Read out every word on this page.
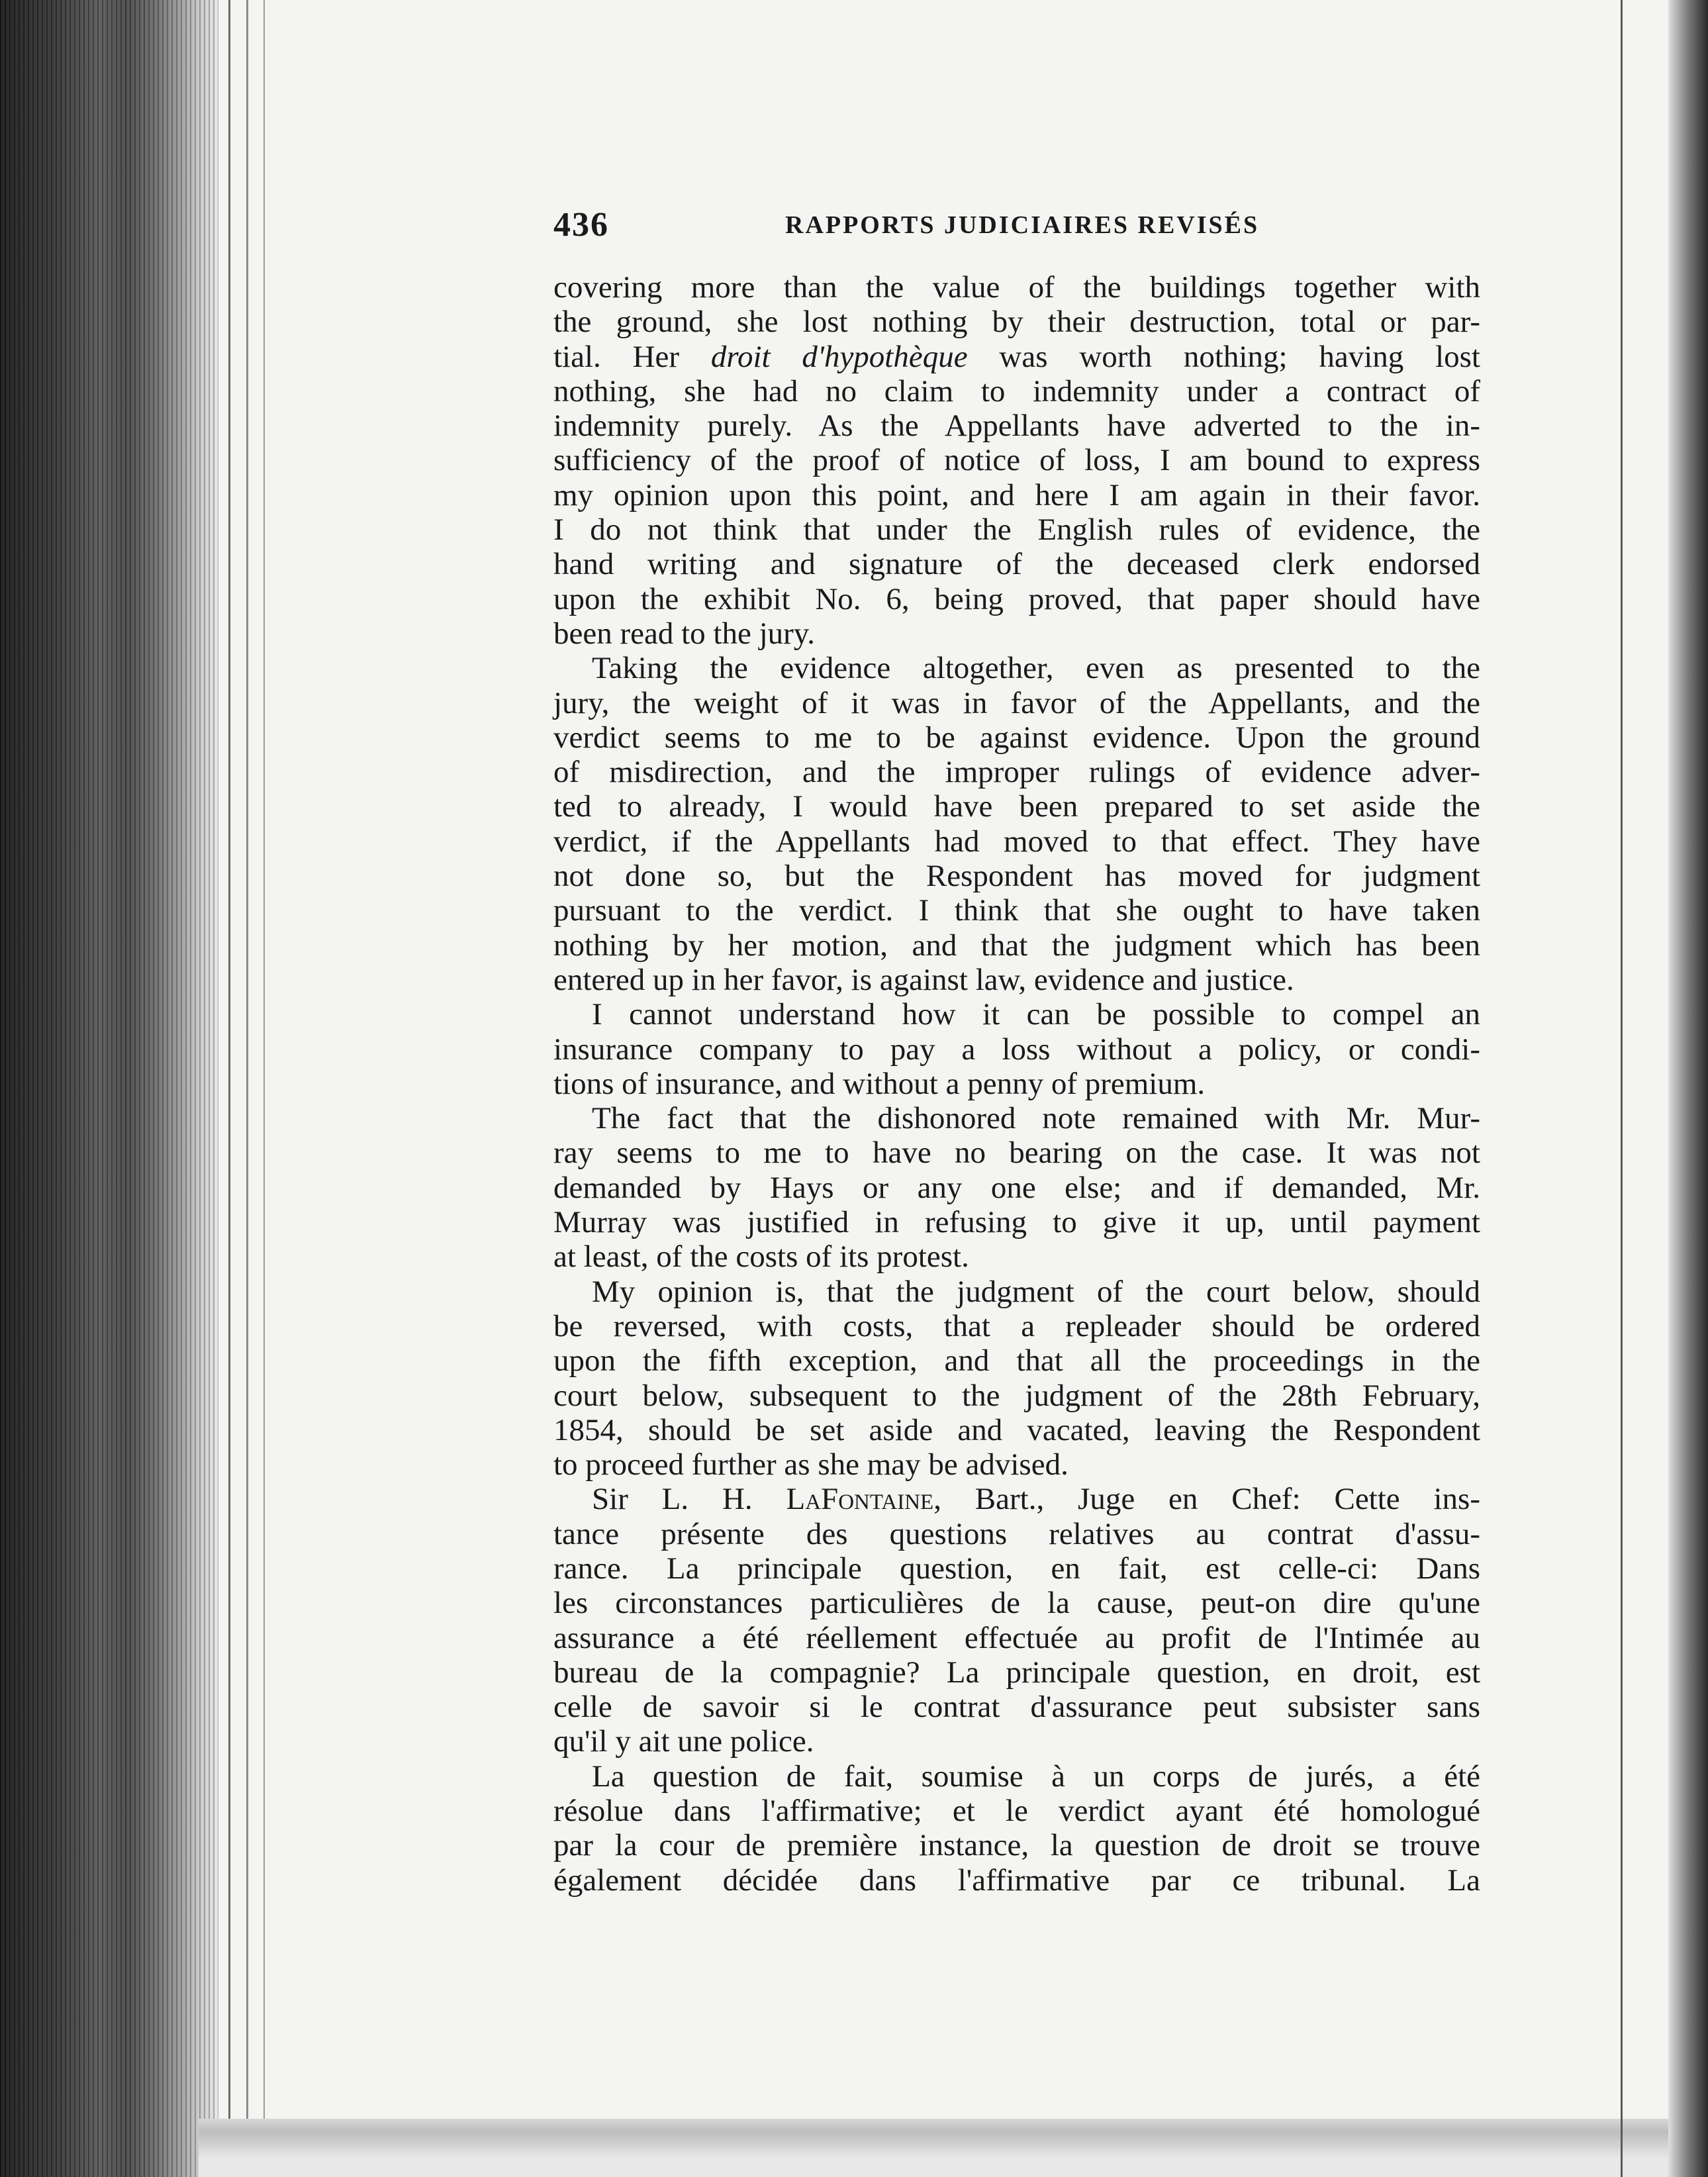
436	RAPPORTS JUDICIAIRES REVISÉS
covering more than the value of the buildings together with
the ground, she lost nothing by their destruction, total or par-
tial. Her droit d'hypothèque was worth nothing; having lost
nothing, she had no claim to indemnity under a contract of
indemnity purely. As the Appellants have adverted to the in-
sufficiency of the proof of notice of loss, I am bound to express
my opinion upon this point, and here I am again in their favor.
I do not think that under the English rules of evidence, the
hand writing and signature of the deceased clerk endorsed
upon the exhibit No. 6, being proved, that paper should have
been read to the jury.
Taking the evidence altogether, even as presented to the
jury, the weight of it was in favor of the Appellants, and the
verdict seems to me to be against evidence. Upon the ground
of misdirection, and the improper rulings of evidence adver-
ted to already, I would have been prepared to set aside the
verdict, if the Appellants had moved to that effect. They have
not done so, but the Respondent has moved for judgment
pursuant to the verdict. I think that she ought to have taken
nothing by her motion, and that the judgment which has been
entered up in her favor, is against law, evidence and justice.
I cannot understand how it can be possible to compel an
insurance company to pay a loss without a policy, or condi-
tions of insurance, and without a penny of premium.
The fact that the dishonored note remained with Mr. Mur-
ray seems to me to have no bearing on the case. It was not
demanded by Hays or any one else; and if demanded, Mr.
Murray was justified in refusing to give it up, until payment
at least, of the costs of its protest.
My opinion is, that the judgment of the court below, should
be reversed, with costs, that a repleader should be ordered
upon the fifth exception, and that all the proceedings in the
court below, subsequent to the judgment of the 28th February,
1854, should be set aside and vacated, leaving the Respondent
to proceed further as she may be advised.
Sir L. H. LaFontaine, Bart., Juge en Chef: Cette ins-
tance présente des questions relatives au contrat d'assu-
rance. La principale question, en fait, est celle-ci: Dans
les circonstances particulières de la cause, peut-on dire qu'une
assurance a été réellement effectuée au profit de l'Intimée au
bureau de la compagnie? La principale question, en droit, est
celle de savoir si le contrat d'assurance peut subsister sans
qu'il y ait une police.
La question de fait, soumise à un corps de jurés, a été
résolue dans l'affirmative; et le verdict ayant été homologué
par la cour de première instance, la question de droit se trouve
également décidée dans l'affirmative par ce tribunal. La
